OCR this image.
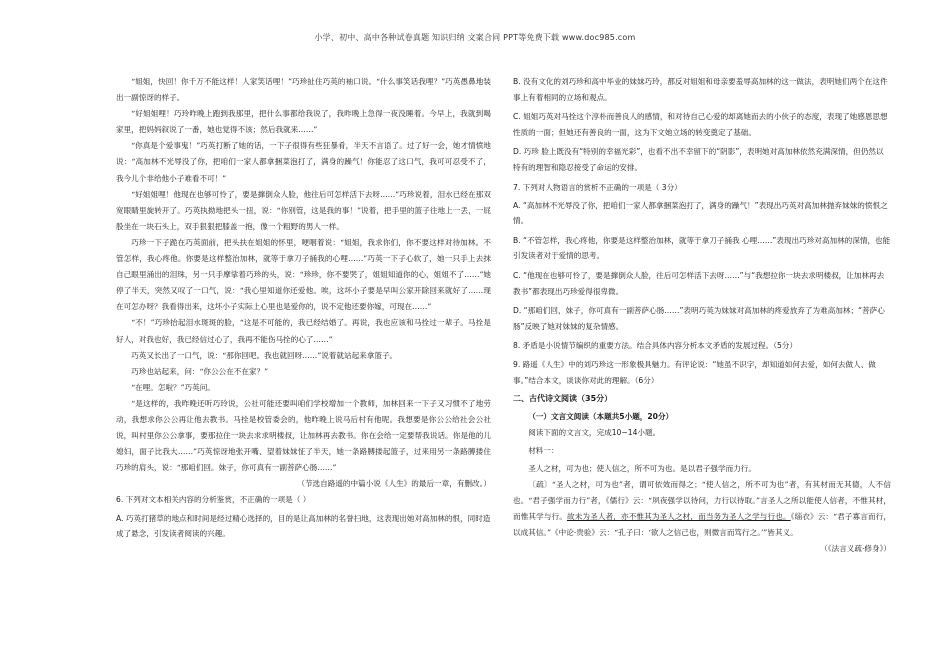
小学、初中、高中各种试卷真题 知识归纳 文案合同 PPT等免费下载 www.doc985.com

“姐姐，快回！你千万不能这样！人家笑话哩！”巧珍扯住巧英的袖口说。“什么事笑话我哩？”巧英愚鼻地装出一副惊讶的样子。

“好姐姐哩！巧玲昨晚上跑到我那里，把什么事都给我说了，我昨晚上急得一夜没睡着。今早上，我就到喝家里，把妈妈叙说了一番，她也觉得不该；然后我就来……”

“你真是个爱事鬼！”巧英打断了她的话，一下子很得有些狂暴肴，半天不言语了。过了好一会，她才情愤地说：“高加林不光辱没了你，把咱们一家人都拿捆菜泡打了，满身的躁气！你能忍了这口气，我可可忍受不了，我今儿个非给他小子难看不可！”

“好姐姐哩！他现在也够可怜了，要是撺倒众人脸，他往后可怎样活下去呀……”巧珍说着，泪水已经在那双宽眼睛里旋转开了。巧英执拗地把头一扭，说：“你别管，这是我的事！”说着，把手里的篮子往地上一丢，一屁股坐在一块石头上，双手狠狠把膝盖一抱，像一个粗野的男人一样。

巧珍一下子跪在巧英面前，把头扶在姐姐的怀里，哽咽着说：“姐姐，我求你们，你不要这样对待加林。不管怎样，我心疼他。你要是这样整治加林，就等于拿刀子捅我的心哩……”巧英一下子心软了，她一只手上去抹自己眼里涌出的泪珠，另一只手摩挲着巧珍的头，说：“珍珍，你不要哭了，姐姐知道你的心，姐姐不了……”她停了半天，突然又叹了一口气，说：“我心里知道你还爱他。唉，这坏小子要是早叫公家开除回来就好了……现在可怎办呀？我看得出来，这坏小子实际上心里也是爱你的，说不定他还要你嫁，可现在……”

“不！”巧珍抬起泪水斑斑的脸，“这是不可能的，我已经结婚了。再说，我也应该和马拴过一辈子。马拴是好人，对我也好，我已经信过心了，我再不能伤马拴的心了……”

巧英又长出了一口气，说：“那你回吧。我也就回呀……”说着就站起来拿篮子。

巧珍也站起来，问：“你公公在不在家？”

“在哩。怎啦？”巧英问。

“是这样的，我昨晚还听巧玲说，公社可能还要叫咱们学校增加一个教师，加林回来一下子又习惯不了地劳动，我想求你公公再让他去教书。马拴是校管委会的，他昨晚上说马后村有他呢。我想要是你公公给社会公社说，叫村里你公公拿事，要那拉住一块去求求明楼叔，让加林再去教书。你在会给一定要帮我说话。你是他的儿媳妇，面子比我大……”巧英惊讶地张开嘴、望着妹妹怔了半天，她一条路膊搂起篮子，过来用另一条路膊搂住巧珍的肩头，说：“那咱们回。妹子，你可真有一副菩萨心肠……”

（节选自路遥的中篇小说《人生》的最后一章，有删改。）

6. 下列对文本相关内容的分析鉴赏，不正确的一项是（ ）

A. 巧英打猪草的地点和时间是经过精心选择的，目的是让高加林的名誉扫地，这表现出她对高加林的恨，同时造成了悬念，引发读者阅读的兴趣。

B. 没有文化的刘巧珍和高中毕业的妹妹巧玲，都反对姐姐和母亲要羞辱高加林的这一做法，表明她们两个在这件事上有着相同的立场和观点。

C. 姐姐巧英对马拴这个淳朴而善良人的感情，和对待自己心爱的却离她而去的小伙子的态度，表现了她感恩思想性质的一面；但她还有善良的一面，这为下文她立场的转变奠定了基础。

D. 巧珍 脸上既没有“特别的幸福光彩”，也看不出不幸留下的“阴影”，表明她对高加林依然充满深情，但仍然以特有的理智和隐忍接受了命运的安排。

7. 下列对人物语言的赏析不正确的一项是（ 3分）

A. “高加林不光辱没了你，把咱们一家人都拿捆菜泡打了，满身的躁气！”表现出巧英对高加林抛弃妹妹的愤恨之情。

B. “不管怎样，我心疼他，你要是这样整治加林，就等于拿刀子捅我 心哩……”表现出巧珍对高加林的深情，也能引发读者对于爱情的思考。

C. “他现在也够可怜了，要是撺倒众人脸，往后可怎样活下去呀……”与“我想拉你一块去求明楼叔，让加林再去教书”都表现出巧珍爱得很卑微。

D. “那咱们回，妹子，你可真有一副菩萨心肠……”表明巧英为妹妹对高加林的疼爱放弃了为难高加林；“菩萨心肠”反映了她对妹妹的复杂情感。

8. 矛盾是小说情节编织的重要方法。结合具体内容分析本文矛盾的发展过程。（5分）

9. 路遥《人生》中的刘巧珍这一形象极具魅力。有评论说：“她虽不识字，却知道如何去爱，如何去做人、做事。”结合本文，谈谈你对此的理解。（6分）

二、古代诗文阅读（35分）

（一）文言文阅读（本题共5小题，20分）

阅读下面的文言文，完成10~14小题。

材料一：

圣人之材，可为也；使人信之，所不可为也。是以君子强学而力行。

〔疏〕“圣人之材，可为也”者，谓可依效而得之；“使人信之，所不可为也”者，有其材而无其德，人不信也。“君子强学而力行”者，《儒行》云：“夙夜强学以待问，力行以待取。”言圣人之所以能使人信者，不惟其材，而惟其学与行。故未为圣人者，亦不惟其为圣人之材，而当务为圣人之学与行也。《缁衣》云：“君子寡言而行，以成其信。”《中论·贵验》云：“孔子曰：‘欲人之信己也，则微言而笃行之。’”皆其义。

（《法言义疏·修身》）
